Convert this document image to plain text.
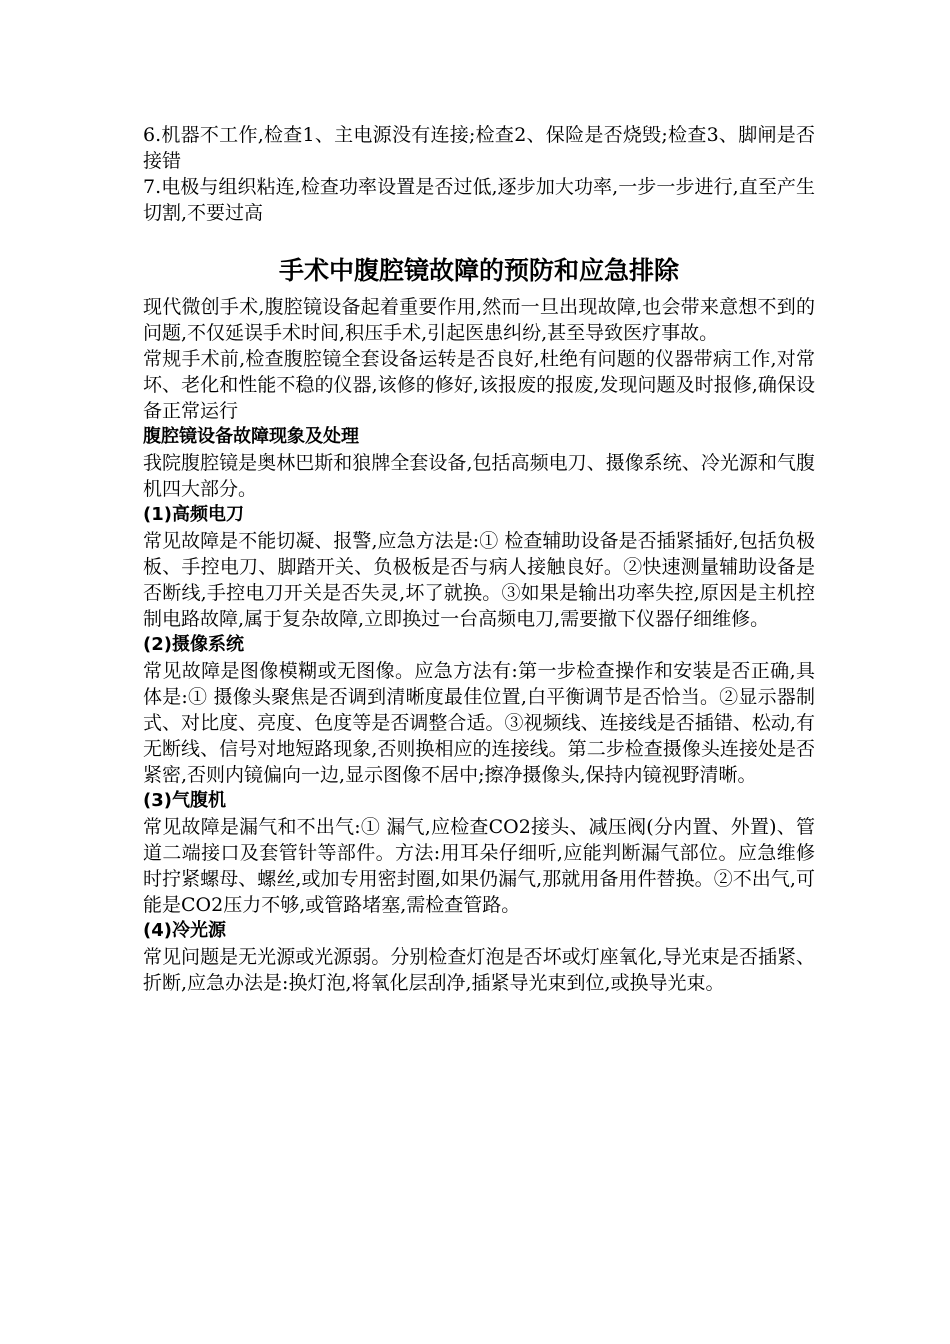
6.机器不工作,检查1、主电源没有连接;检查2、保险是否烧毁;检查3、脚闸是否接错

7.电极与组织粘连,检查功率设置是否过低,逐步加大功率,一步一步进行,直至产生切割,不要过高

手术中腹腔镜故障的预防和应急排除

现代微创手术,腹腔镜设备起着重要作用,然而一旦出现故障,也会带来意想不到的问题,不仅延误手术时间,积压手术,引起医患纠纷,甚至导致医疗事故。

常规手术前,检查腹腔镜全套设备运转是否良好,杜绝有问题的仪器带病工作,对常坏、老化和性能不稳的仪器,该修的修好,该报废的报废,发现问题及时报修,确保设备正常运行

腹腔镜设备故障现象及处理

我院腹腔镜是奥林巴斯和狼牌全套设备,包括高频电刀、摄像系统、冷光源和气腹机四大部分。

(1)高频电刀

常见故障是不能切凝、报警,应急方法是:① 检查辅助设备是否插紧插好,包括负极板、手控电刀、脚踏开关、负极板是否与病人接触良好。②快速测量辅助设备是否断线,手控电刀开关是否失灵,坏了就换。③如果是输出功率失控,原因是主机控制电路故障,属于复杂故障,立即换过一台高频电刀,需要撤下仪器仔细维修。

(2)摄像系统

常见故障是图像模糊或无图像。应急方法有:第一步检查操作和安装是否正确,具体是:① 摄像头聚焦是否调到清晰度最佳位置,白平衡调节是否恰当。②显示器制式、对比度、亮度、色度等是否调整合适。③视频线、连接线是否插错、松动,有无断线、信号对地短路现象,否则换相应的连接线。第二步检查摄像头连接处是否紧密,否则内镜偏向一边,显示图像不居中;擦净摄像头,保持内镜视野清晰。

(3)气腹机

常见故障是漏气和不出气:① 漏气,应检查CO2接头、减压阀(分内置、外置)、管道二端接口及套管针等部件。方法:用耳朵仔细听,应能判断漏气部位。应急维修时拧紧螺母、螺丝,或加专用密封圈,如果仍漏气,那就用备用件替换。②不出气,可能是CO2压力不够,或管路堵塞,需检查管路。

(4)冷光源

常见问题是无光源或光源弱。分别检查灯泡是否坏或灯座氧化,导光束是否插紧、折断,应急办法是:换灯泡,将氧化层刮净,插紧导光束到位,或换导光束。
